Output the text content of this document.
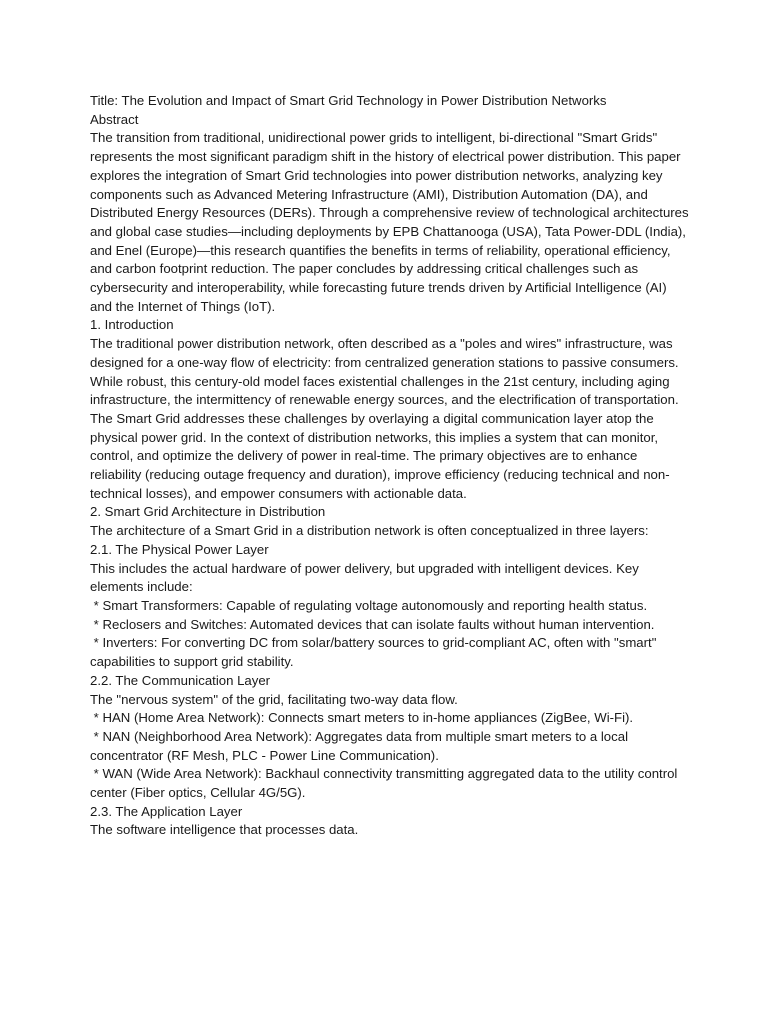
Title: The Evolution and Impact of Smart Grid Technology in Power Distribution Networks

Abstract

The transition from traditional, unidirectional power grids to intelligent, bi-directional "Smart Grids" represents the most significant paradigm shift in the history of electrical power distribution. This paper explores the integration of Smart Grid technologies into power distribution networks, analyzing key components such as Advanced Metering Infrastructure (AMI), Distribution Automation (DA), and Distributed Energy Resources (DERs). Through a comprehensive review of technological architectures and global case studies—including deployments by EPB Chattanooga (USA), Tata Power-DDL (India), and Enel (Europe)—this research quantifies the benefits in terms of reliability, operational efficiency, and carbon footprint reduction. The paper concludes by addressing critical challenges such as cybersecurity and interoperability, while forecasting future trends driven by Artificial Intelligence (AI) and the Internet of Things (IoT).

1. Introduction

The traditional power distribution network, often described as a "poles and wires" infrastructure, was designed for a one-way flow of electricity: from centralized generation stations to passive consumers. While robust, this century-old model faces existential challenges in the 21st century, including aging infrastructure, the intermittency of renewable energy sources, and the electrification of transportation.

The Smart Grid addresses these challenges by overlaying a digital communication layer atop the physical power grid. In the context of distribution networks, this implies a system that can monitor, control, and optimize the delivery of power in real-time. The primary objectives are to enhance reliability (reducing outage frequency and duration), improve efficiency (reducing technical and non-technical losses), and empower consumers with actionable data.

2. Smart Grid Architecture in Distribution

The architecture of a Smart Grid in a distribution network is often conceptualized in three layers:

2.1. The Physical Power Layer

This includes the actual hardware of power delivery, but upgraded with intelligent devices. Key elements include:

* Smart Transformers: Capable of regulating voltage autonomously and reporting health status.

* Reclosers and Switches: Automated devices that can isolate faults without human intervention.

* Inverters: For converting DC from solar/battery sources to grid-compliant AC, often with "smart" capabilities to support grid stability.

2.2. The Communication Layer

The "nervous system" of the grid, facilitating two-way data flow.

* HAN (Home Area Network): Connects smart meters to in-home appliances (ZigBee, Wi-Fi).

* NAN (Neighborhood Area Network): Aggregates data from multiple smart meters to a local concentrator (RF Mesh, PLC - Power Line Communication).

* WAN (Wide Area Network): Backhaul connectivity transmitting aggregated data to the utility control center (Fiber optics, Cellular 4G/5G).

2.3. The Application Layer

The software intelligence that processes data.
